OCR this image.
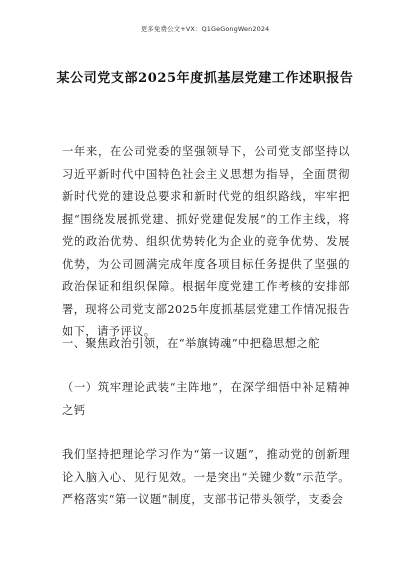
更多免费公文+VX：Q1GeGongWen2024
某公司党支部2025年度抓基层党建工作述职报告
一年来，在公司党委的坚强领导下，公司党支部坚持以习近平新时代中国特色社会主义思想为指导，全面贯彻新时代党的建设总要求和新时代党的组织路线，牢牢把握“围绕发展抓党建、抓好党建促发展”的工作主线，将党的政治优势、组织优势转化为企业的竞争优势、发展优势，为公司圆满完成年度各项目标任务提供了坚强的政治保证和组织保障。根据年度党建工作考核的安排部署，现将公司党支部2025年度抓基层党建工作情况报告如下，请予评议。
一、聚焦政治引领，在“举旗铸魂”中把稳思想之舵
（一）筑牢理论武装“主阵地”，在深学细悟中补足精神之钙
我们坚持把理论学习作为“第一议题”，推动党的创新理论入脑入心、见行见效。一是突出“关键少数”示范学。严格落实“第一议题”制度，支部书记带头领学，支委会
